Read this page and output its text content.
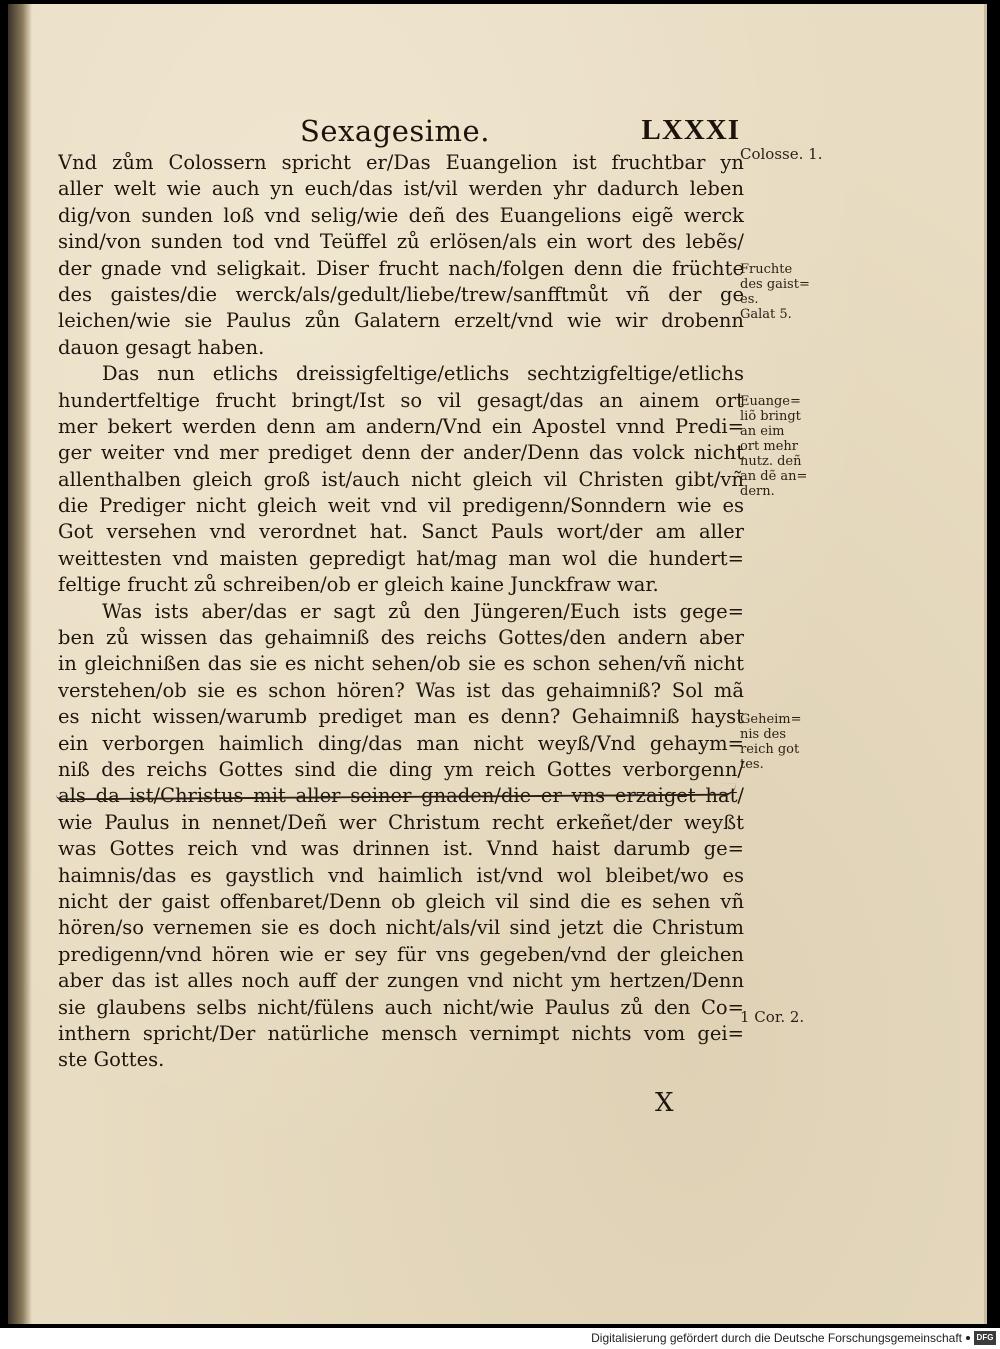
Sexagesime.	LXXXI
Vnd zům Colossern spricht er/Das Euangelion ist fruchtbar yn
aller welt wie auch yn euch/das ist/vil werden yhr dadurch leben
dig/von sunden loß vnd selig/wie deñ des Euangelions eigẽ werck
sind/von sunden tod vnd Teüffel zů erlösen/als ein wort des lebẽs/
der gnade vnd seligkait. Diser frucht nach/folgen denn die früchte
des gaistes/die werck/als/gedult/liebe/trew/sanfftmůt vñ der ge
leichen/wie sie Paulus zůn Galatern erzelt/vnd wie wir drobenn
dauon gesagt haben.
Das nun etlichs dreissigfeltige/etlichs sechtzigfeltige/etlichs
hundertfeltige frucht bringt/Ist so vil gesagt/das an ainem ort
mer bekert werden denn am andern/Vnd ein Apostel vnnd Predi=
ger weiter vnd mer prediget denn der ander/Denn das volck nicht
allenthalben gleich groß ist/auch nicht gleich vil Christen gibt/vñ
die Prediger nicht gleich weit vnd vil predigenn/Sonndern wie es
Got versehen vnd verordnet hat. Sanct Pauls wort/der am aller
weittesten vnd maisten gepredigt hat/mag man wol die hundert=
feltige frucht zů schreiben/ob er gleich kaine Junckfraw war.
Was ists aber/das er sagt zů den Jüngeren/Euch ists gege=
ben zů wissen das gehaimniß des reichs Gottes/den andern aber
in gleichnißen das sie es nicht sehen/ob sie es schon sehen/vñ nicht
verstehen/ob sie es schon hören? Was ist das gehaimniß? Sol mã
es nicht wissen/warumb prediget man es denn? Gehaimniß hayst
ein verborgen haimlich ding/das man nicht weyß/Vnd gehaym=
niß des reichs Gottes sind die ding ym reich Gottes verborgenn/
als da ist/Christus mit aller seiner gnaden/die er vns erzaiget hat/
wie Paulus in nennet/Deñ wer Christum recht erkeñet/der weyßt
was Gottes reich vnd was drinnen ist. Vnnd haist darumb ge=
haimnis/das es gaystlich vnd haimlich ist/vnd wol bleibet/wo es
nicht der gaist offenbaret/Denn ob gleich vil sind die es sehen vñ
hören/so vernemen sie es doch nicht/als/vil sind jetzt die Christum
predigenn/vnd hören wie er sey für vns gegeben/vnd der gleichen
aber das ist alles noch auff der zungen vnd nicht ym hertzen/Denn
sie glaubens selbs nicht/fülens auch nicht/wie Paulus zů den Co=
inthern spricht/Der natürliche mensch vernimpt nichts vom gei=
ste Gottes.
Colosse. 1.
Fruchte
des gaist=
es.
Galat 5.
Euange=
liõ bringt
an eim
ort mehr
nutz. deñ
an dẽ an=
dern.
Geheim=
nis des
reich got
tes.
1 Cor. 2.
X
Digitalisierung gefördert durch die Deutsche Forschungsgemeinschaft	DFG
